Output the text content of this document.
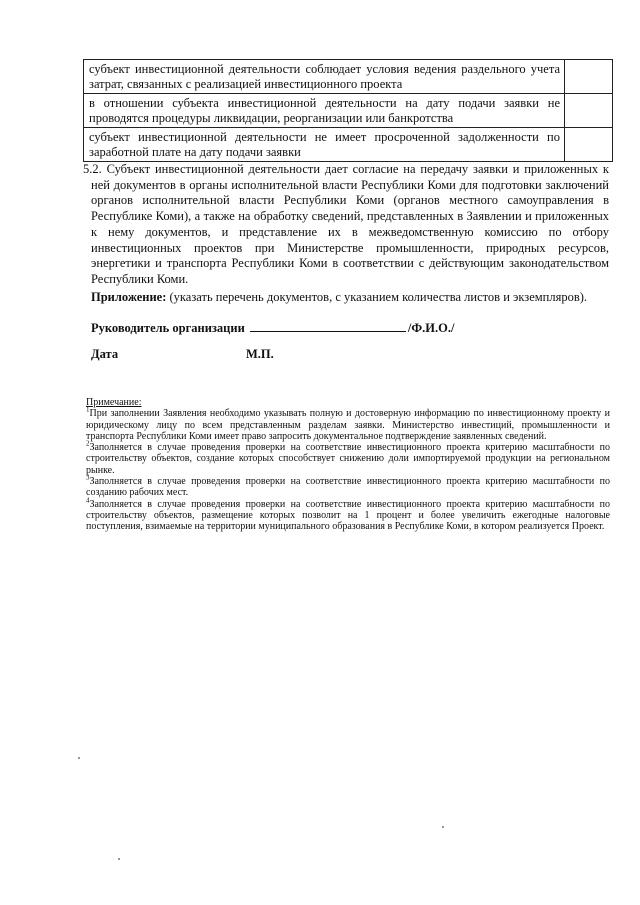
субъект инвестиционной деятельности соблюдает условия ведения раздельного учета затрат, связанных с реализацией инвестиционного проекта	
в отношении субъекта инвестиционной деятельности на дату подачи заявки не проводятся процедуры ликвидации, реорганизации или банкротства	
субъект инвестиционной деятельности не имеет просроченной задолженности по заработной плате на дату подачи заявки	
5.2. Субъект инвестиционной деятельности дает согласие на передачу заявки и приложенных к ней документов в органы исполнительной власти Республики Коми для подготовки заключений органов исполнительной власти Республики Коми (органов местного самоуправления в Республике Коми), а также на обработку сведений, представленных в Заявлении и приложенных к нему документов, и представление их в межведомственную комиссию по отбору инвестиционных проектов при Министерстве промышленности, природных ресурсов, энергетики и транспорта Республики Коми в соответствии с действующим законодательством Республики Коми.
Приложение: (указать перечень документов, с указанием количества листов и экземпляров).
Руководитель организации	/Ф.И.О./
Дата	М.П.
Примечание:

$^1$При заполнении Заявления необходимо указывать полную и достоверную информацию по инвестиционному проекту и юридическому лицу по всем представленным разделам заявки. Министерство инвестиций, промышленности и транспорта Республики Коми имеет право запросить документальное подтверждение заявленных сведений.

$^2$Заполняется в случае проведения проверки на соответствие инвестиционного проекта критерию масштабности по строительству объектов, создание которых способствует снижению доли импортируемой продукции на региональном рынке.

$^3$Заполняется в случае проведения проверки на соответствие инвестиционного проекта критерию масштабности по созданию рабочих мест.

$^4$Заполняется в случае проведения проверки на соответствие инвестиционного проекта критерию масштабности по строительству объектов, размещение которых позволит на 1 процент и более увеличить ежегодные налоговые поступления, взимаемые на территории муниципального образования в Республике Коми, в котором реализуется Проект.
